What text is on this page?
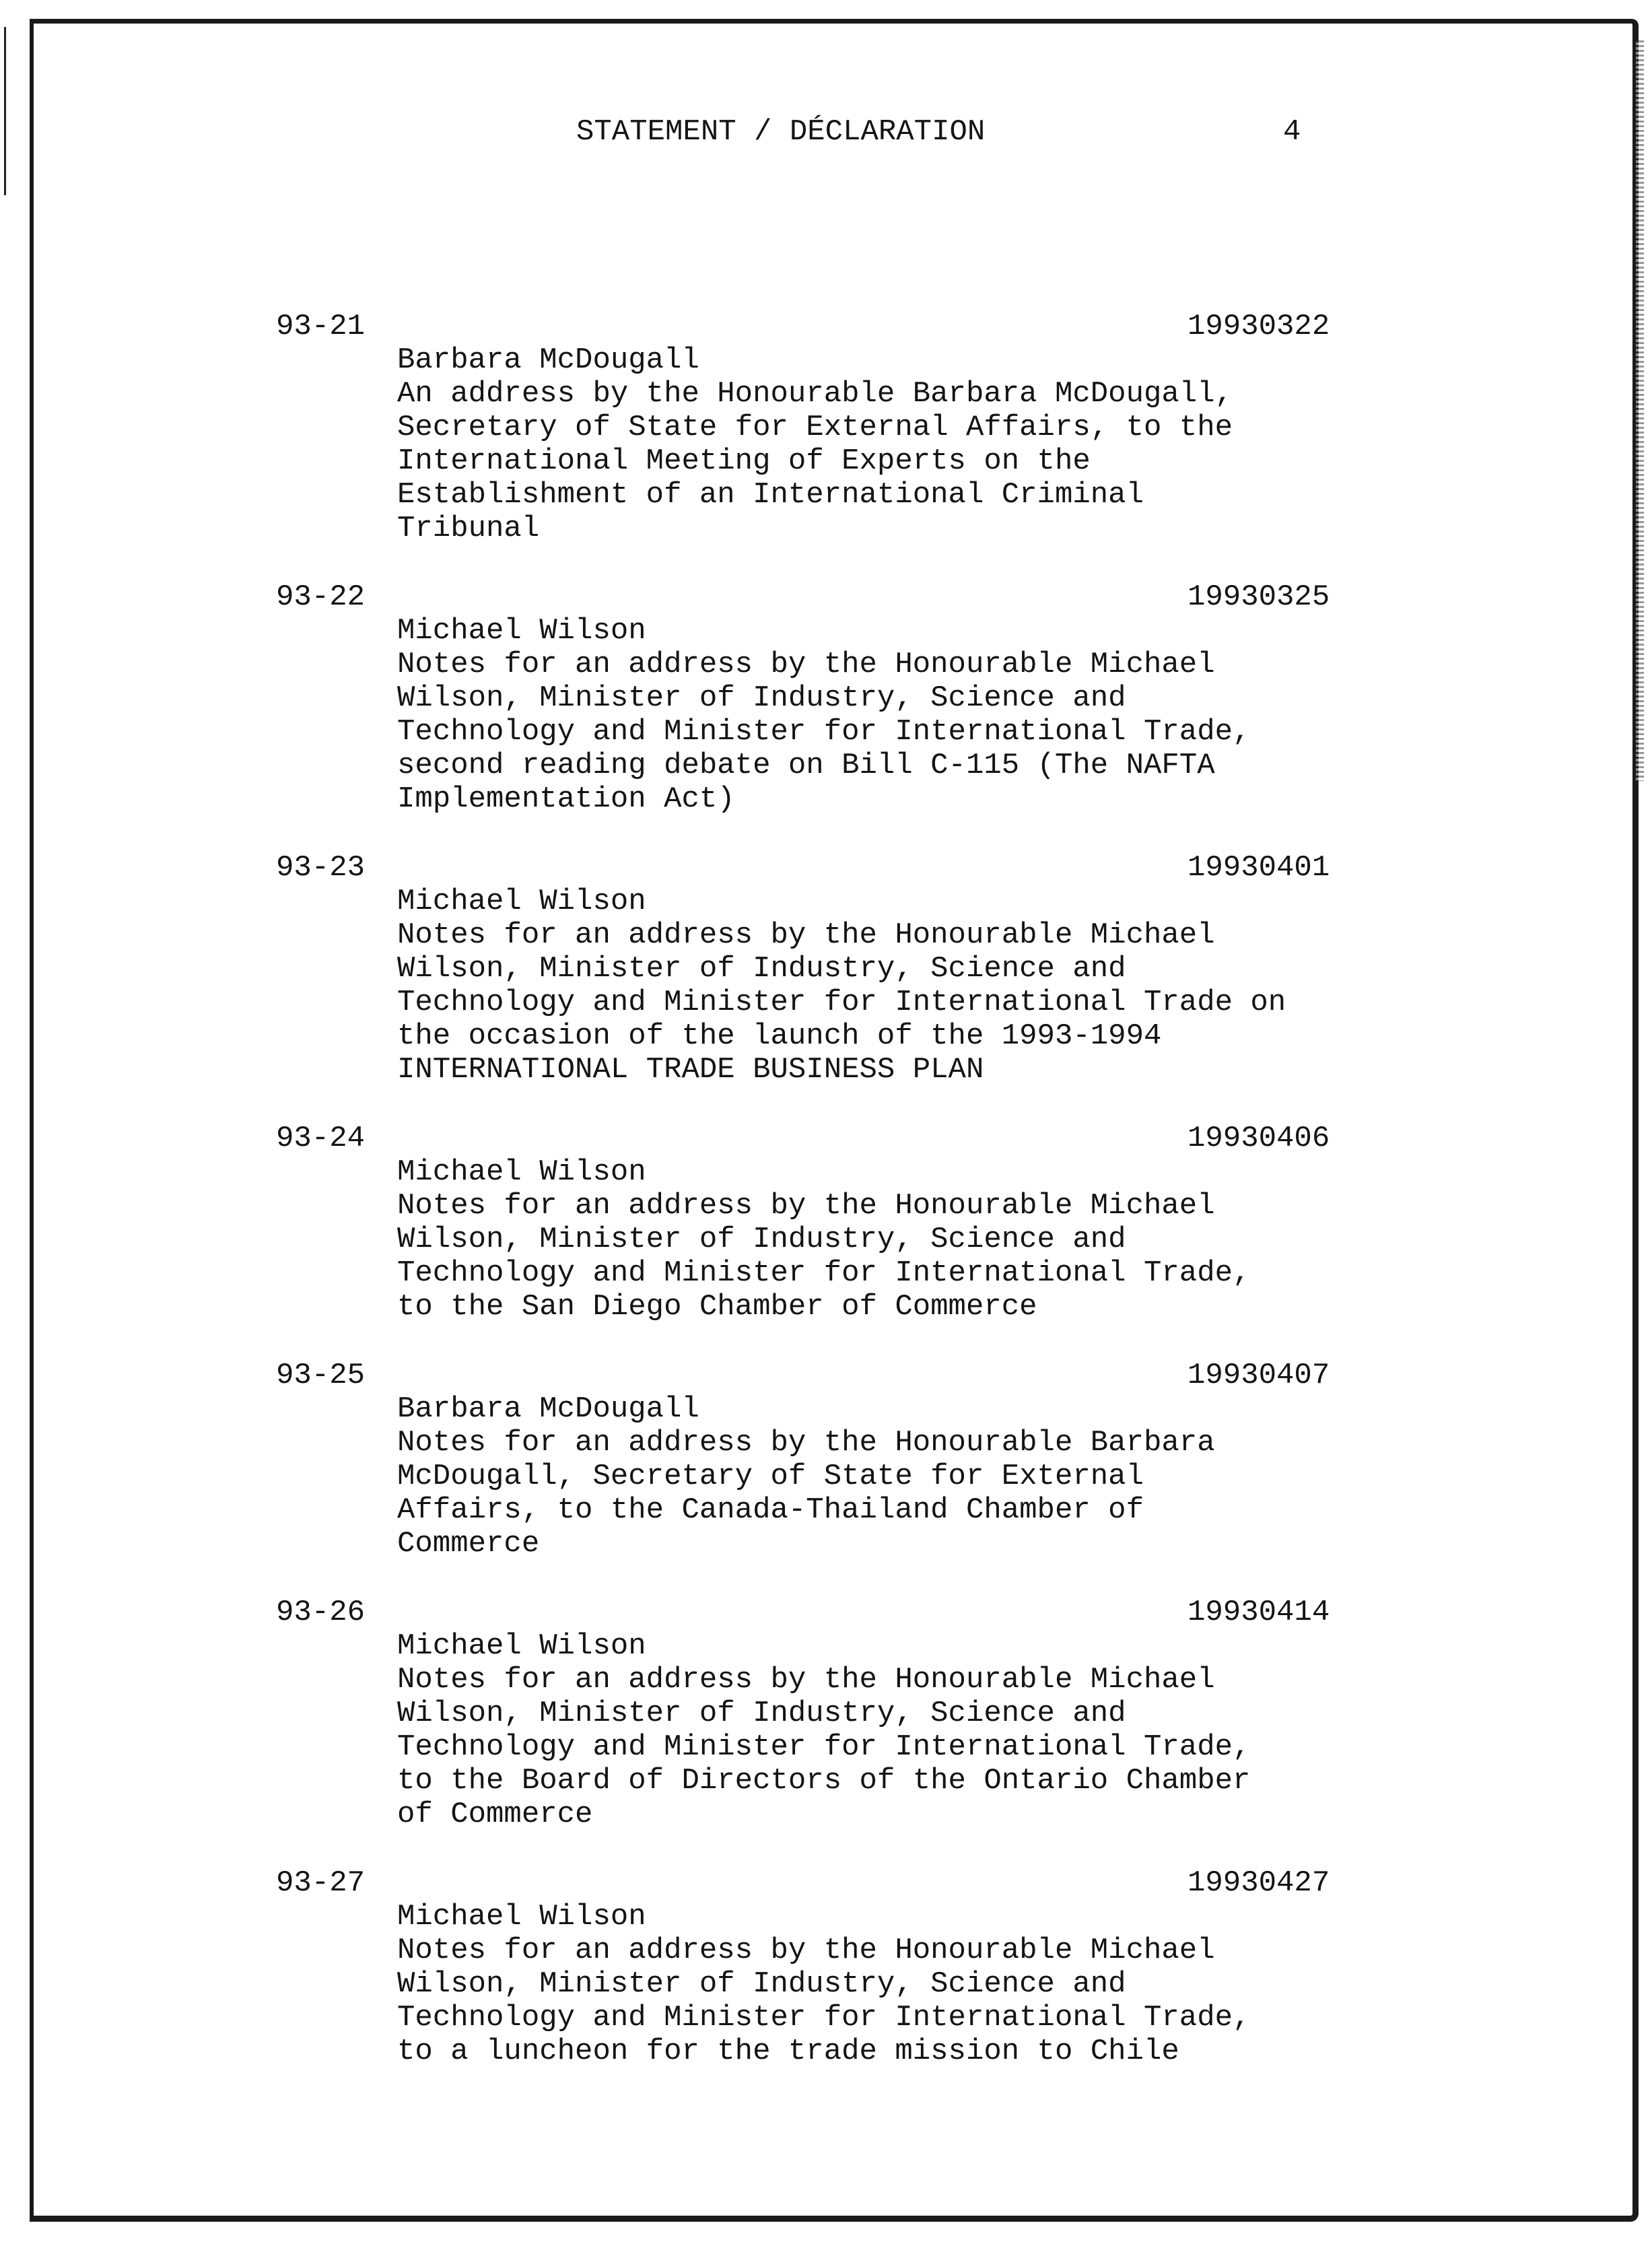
STATEMENT / DÉCLARATION	4
93-21	19930322
Barbara McDougall
An address by the Honourable Barbara McDougall,
Secretary of State for External Affairs, to the
International Meeting of Experts on the
Establishment of an International Criminal
Tribunal
93-22	19930325
Michael Wilson
Notes for an address by the Honourable Michael
Wilson, Minister of Industry, Science and
Technology and Minister for International Trade,
second reading debate on Bill C-115 (The NAFTA
Implementation Act)
93-23	19930401
Michael Wilson
Notes for an address by the Honourable Michael
Wilson, Minister of Industry, Science and
Technology and Minister for International Trade on
the occasion of the launch of the 1993-1994
INTERNATIONAL TRADE BUSINESS PLAN
93-24	19930406
Michael Wilson
Notes for an address by the Honourable Michael
Wilson, Minister of Industry, Science and
Technology and Minister for International Trade,
to the San Diego Chamber of Commerce
93-25	19930407
Barbara McDougall
Notes for an address by the Honourable Barbara
McDougall, Secretary of State for External
Affairs, to the Canada-Thailand Chamber of
Commerce
93-26	19930414
Michael Wilson
Notes for an address by the Honourable Michael
Wilson, Minister of Industry, Science and
Technology and Minister for International Trade,
to the Board of Directors of the Ontario Chamber
of Commerce
93-27	19930427
Michael Wilson
Notes for an address by the Honourable Michael
Wilson, Minister of Industry, Science and
Technology and Minister for International Trade,
to a luncheon for the trade mission to Chile
